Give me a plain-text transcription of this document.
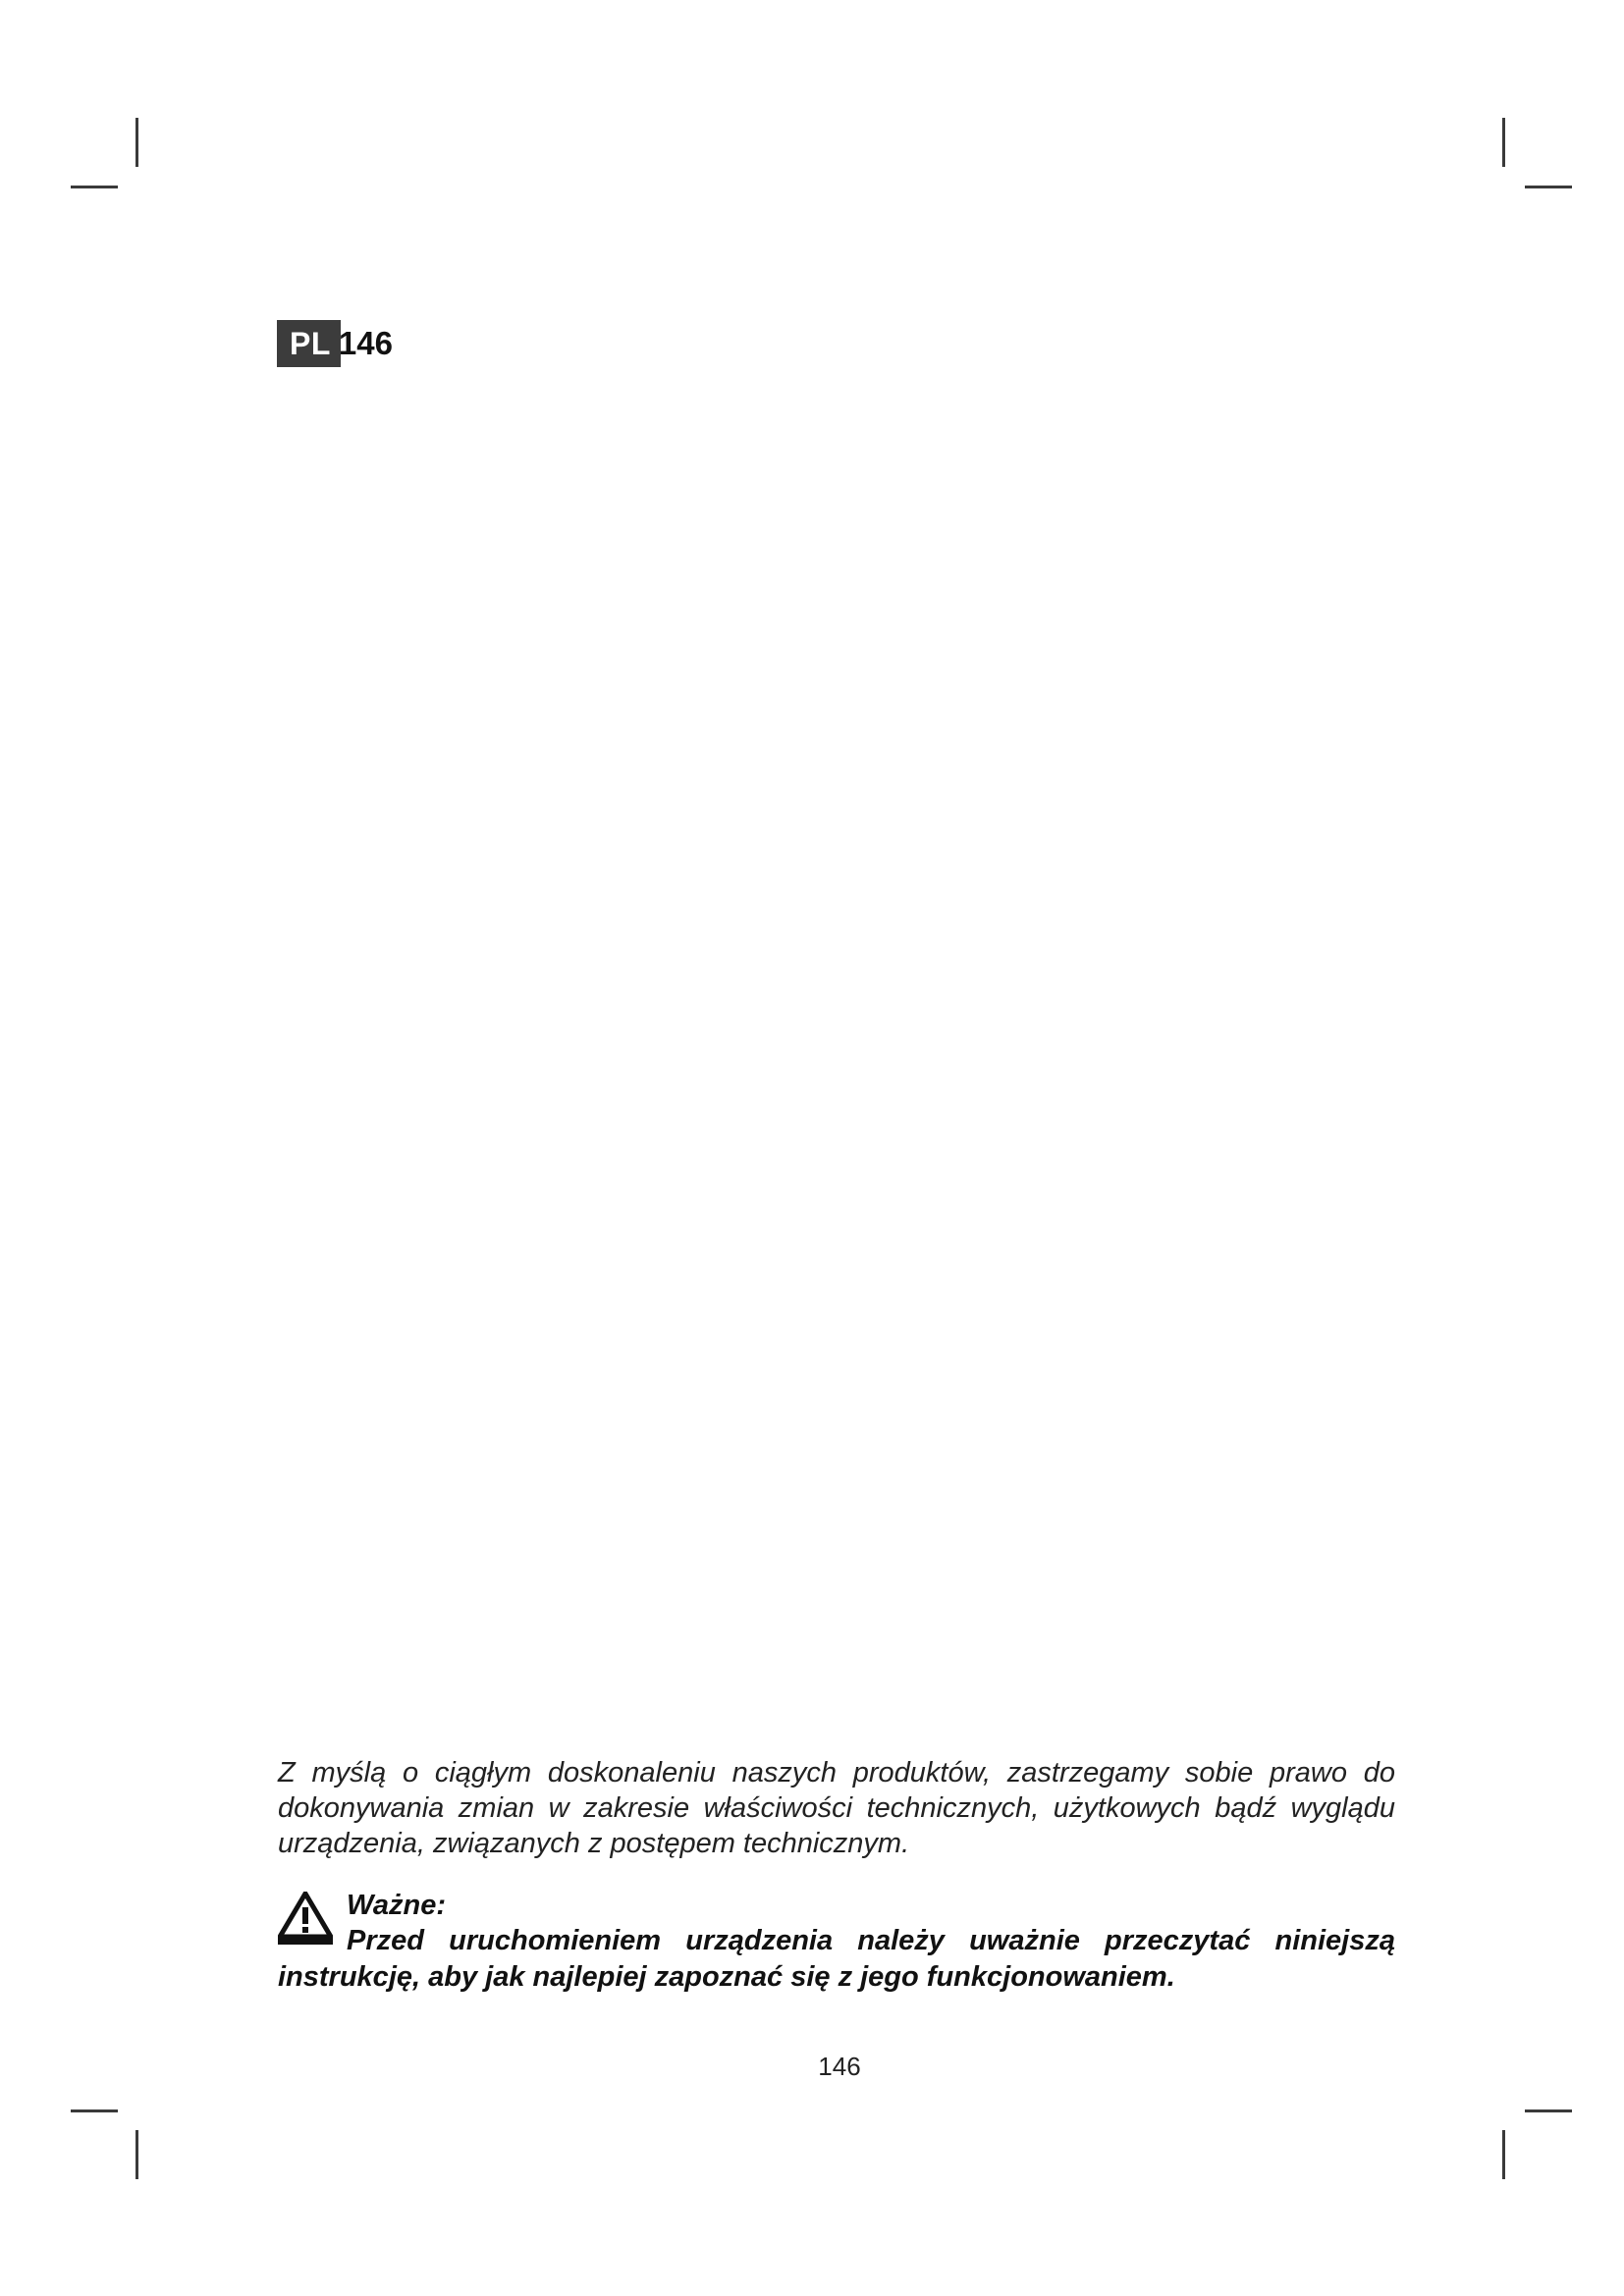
PL 146

Z myślą o ciągłym doskonaleniu naszych produktów, zastrzegamy sobie prawo do dokonywania zmian w zakresie właściwości technicznych, użytkowych bądź wyglądu urządzenia, związanych z postępem technicznym.

Ważne:

Przed uruchomieniem urządzenia należy uważnie przeczytać niniejszą instrukcję, aby jak najlepiej zapoznać się z jego funkcjonowaniem.

146
